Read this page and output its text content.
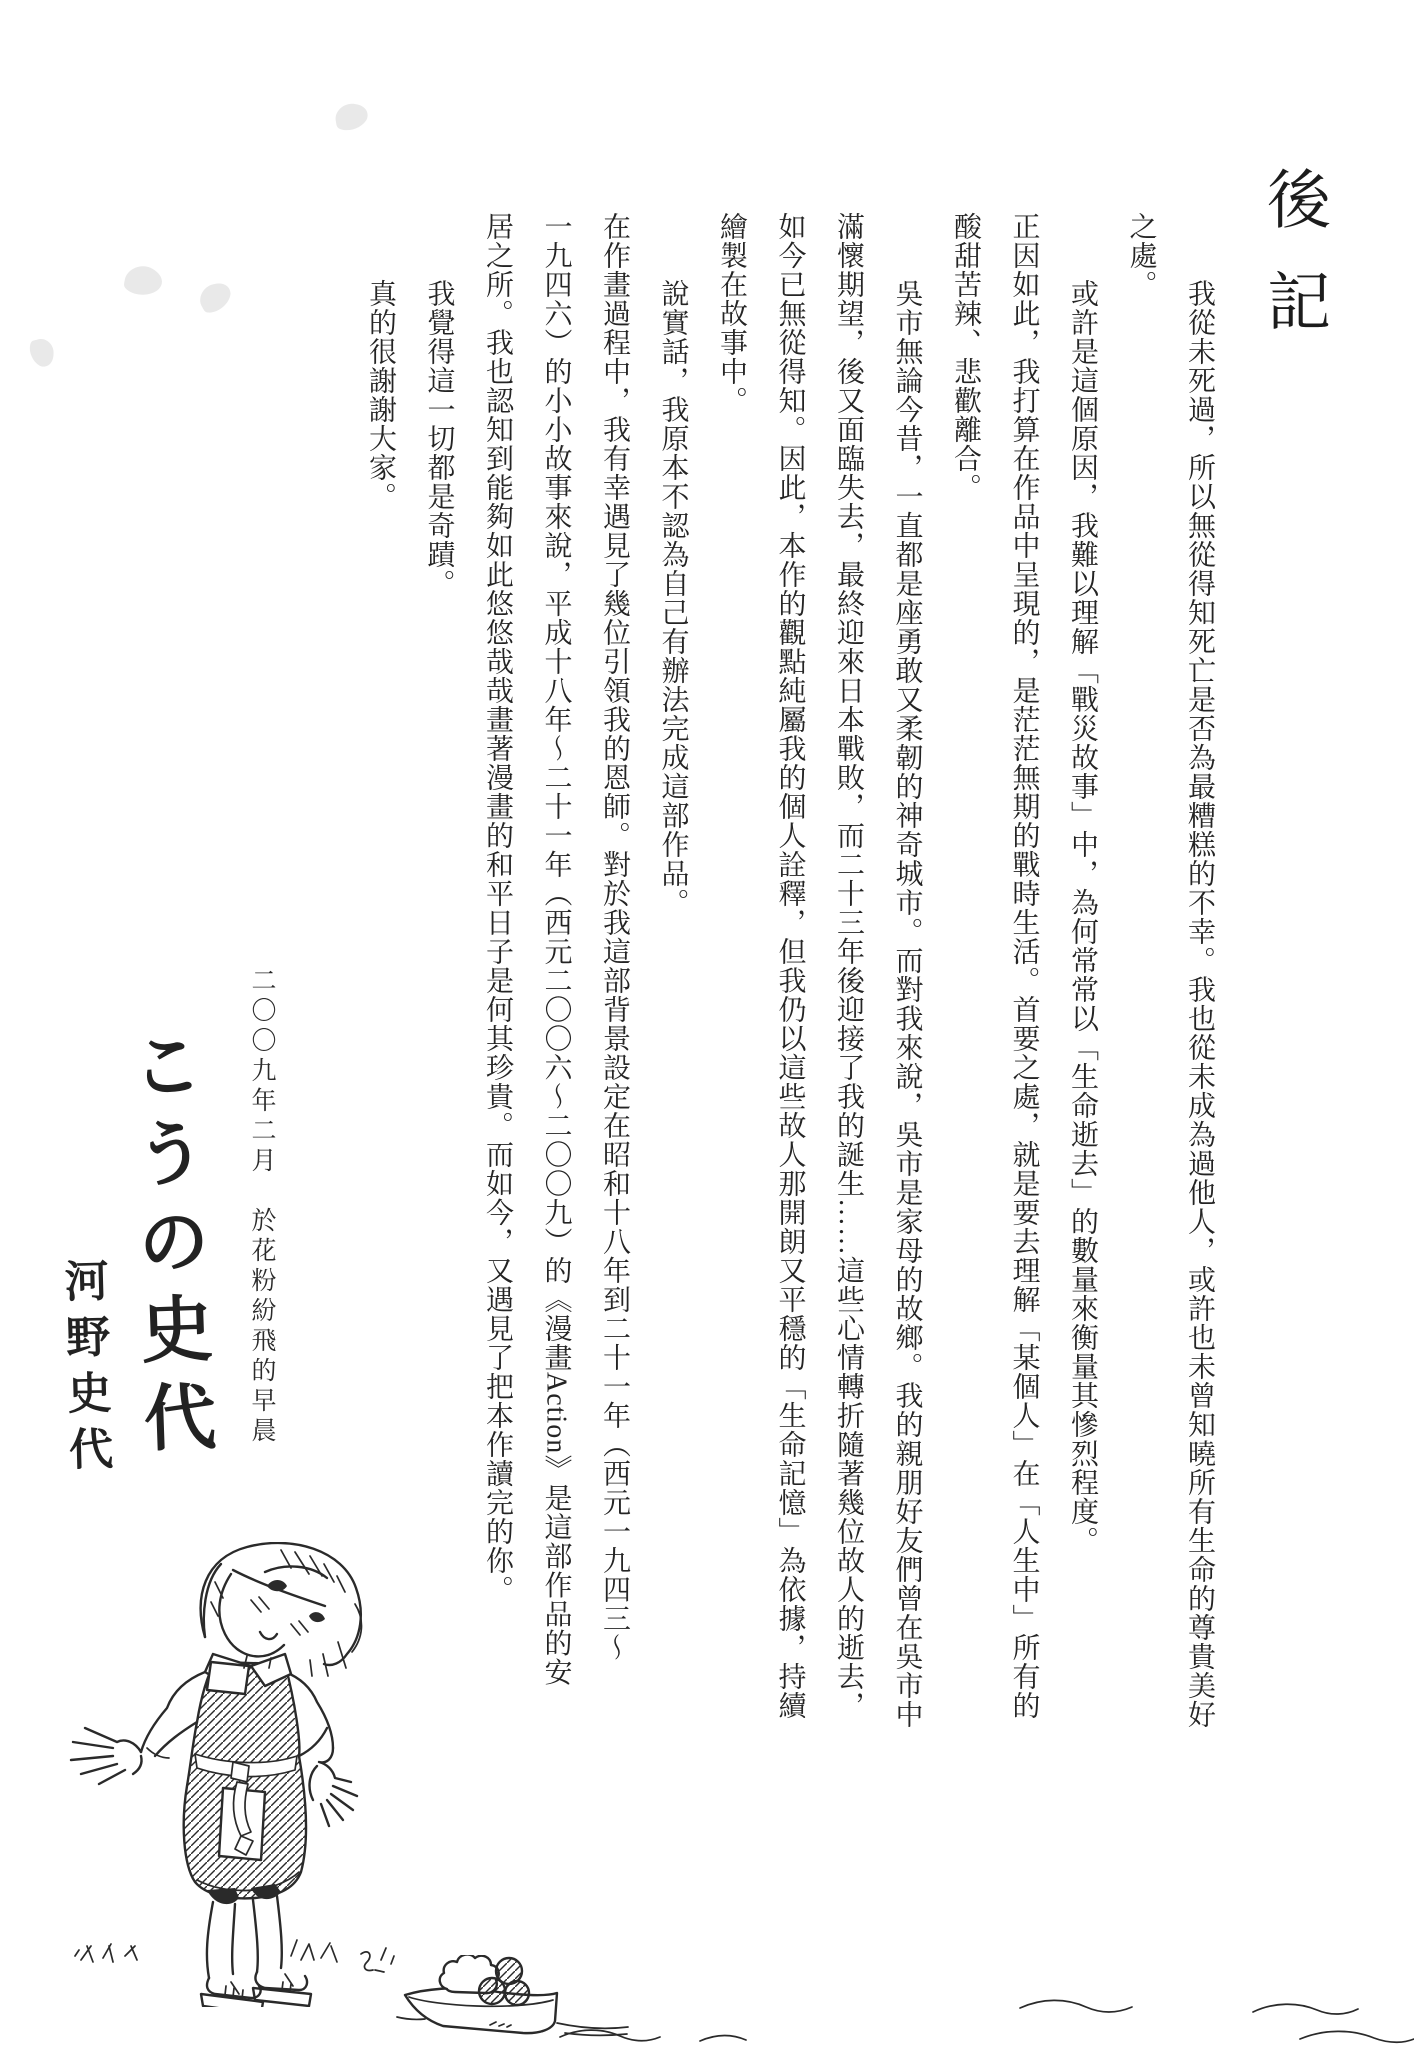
後記
我從未死過，所以無從得知死亡是否為最糟糕的不幸。我也從未成為過他人，或許也未曾知曉所有生命的尊貴美好
之處。
或許是這個原因，我難以理解「戰災故事」中，為何常常以「生命逝去」的數量來衡量其慘烈程度。
正因如此，我打算在作品中呈現的，是茫茫無期的戰時生活。首要之處，就是要去理解「某個人」在「人生中」所有的
酸甜苦辣、悲歡離合。
吳市無論今昔，一直都是座勇敢又柔韌的神奇城市。而對我來說，吳市是家母的故鄉。我的親朋好友們曾在吳市中
滿懷期望，後又面臨失去，最終迎來日本戰敗，而二十三年後迎接了我的誕生……這些心情轉折隨著幾位故人的逝去，
如今已無從得知。因此，本作的觀點純屬我的個人詮釋，但我仍以這些故人那開朗又平穩的「生命記憶」為依據，持續
繪製在故事中。
說實話，我原本不認為自己有辦法完成這部作品。
在作畫過程中，我有幸遇見了幾位引領我的恩師。對於我這部背景設定在昭和十八年到二十一年（西元一九四三～
一九四六）的小小故事來說，平成十八年～二十一年（西元二〇〇六～二〇〇九）的《漫畫Action》是這部作品的安
居之所。我也認知到能夠如此悠悠哉哉畫著漫畫的和平日子是何其珍貴。而如今，又遇見了把本作讀完的你。
我覺得這一切都是奇蹟。
真的很謝謝大家。
二〇〇九年二月　於花粉紛飛的早晨
こうの史代
河野史代
